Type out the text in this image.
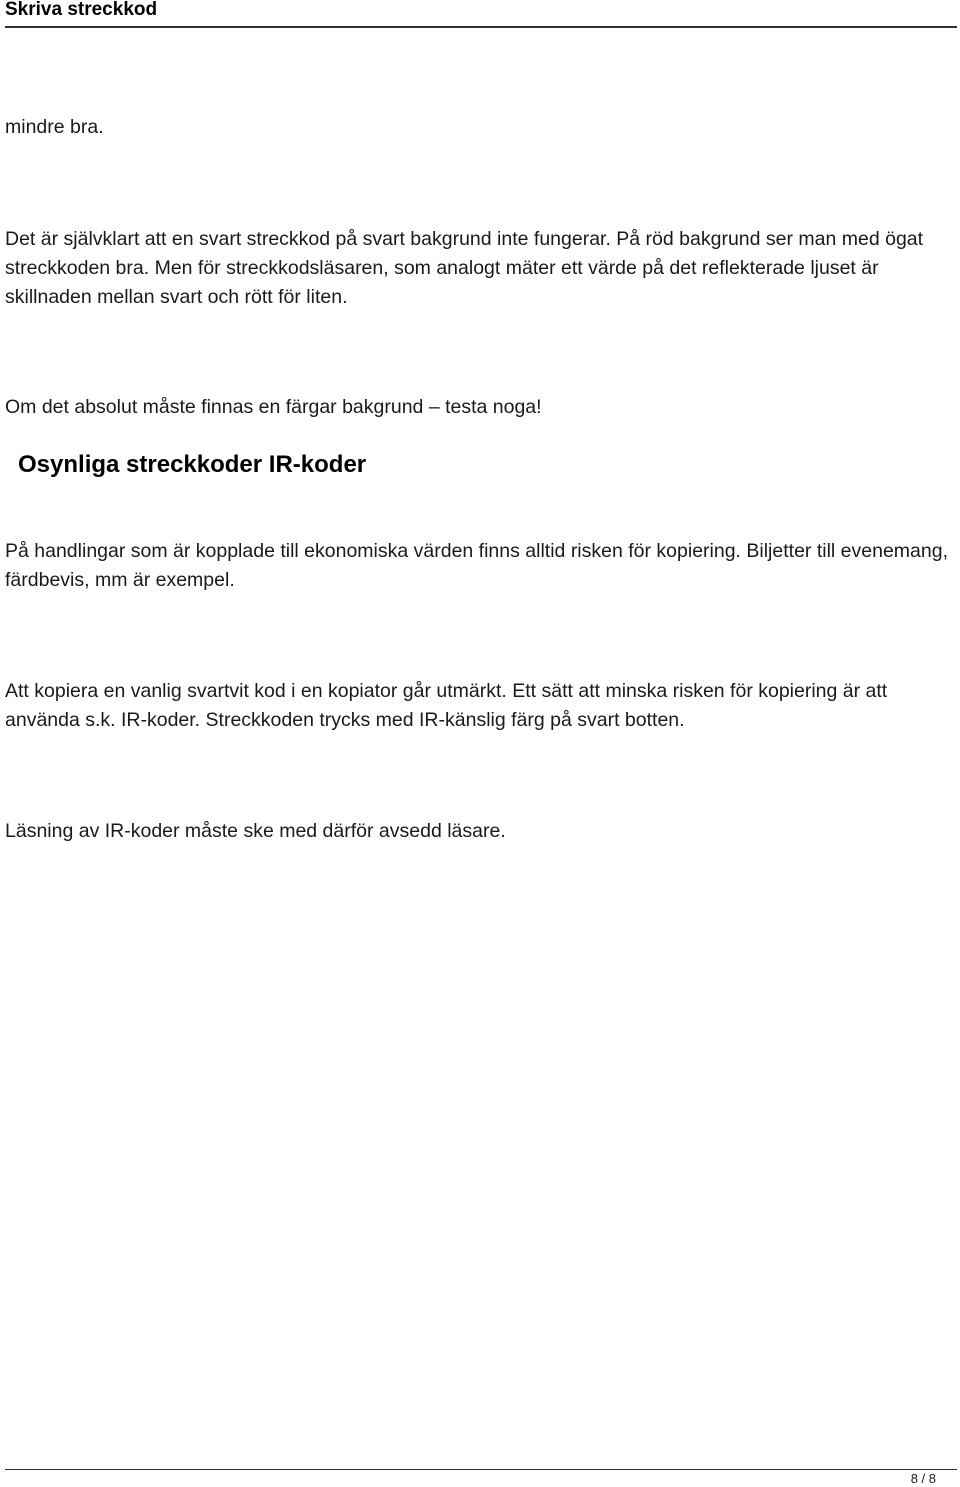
Skriva streckkod

mindre bra.

Det är självklart att en svart streckkod på svart bakgrund inte fungerar. På röd bakgrund ser man med ögat streckkoden bra. Men för streckkodsläsaren, som analogt mäter ett värde på det reflekterade ljuset är skillnaden mellan svart och rött för liten.

Om det absolut måste finnas en färgar bakgrund – testa noga!

Osynliga streckkoder IR-koder

På handlingar som är kopplade till ekonomiska värden finns alltid risken för kopiering. Biljetter till evenemang, färdbevis, mm är exempel.

Att kopiera en vanlig svartvit kod i en kopiator går utmärkt. Ett sätt att minska risken för kopiering är att använda s.k. IR-koder. Streckkoden trycks med IR-känslig färg på svart botten.

Läsning av IR-koder måste ske med därför avsedd läsare.

8 / 8
